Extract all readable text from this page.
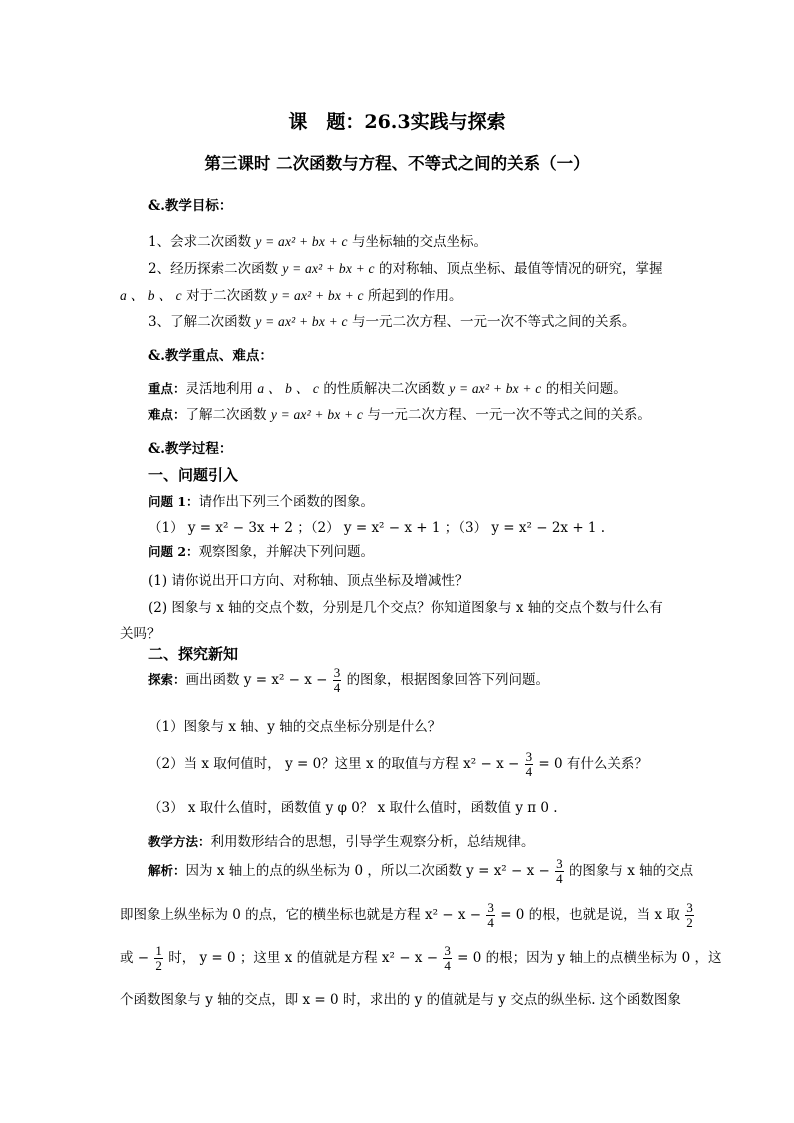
课　题：26.3实践与探索
第三课时 二次函数与方程、不等式之间的关系（一）
&.教学目标：
1、会求二次函数 y = ax² + bx + c 与坐标轴的交点坐标。
2、经历探索二次函数 y = ax² + bx + c 的对称轴、顶点坐标、最值等情况的研究，掌握
a 、 b 、 c 对于二次函数 y = ax² + bx + c 所起到的作用。
3、了解二次函数 y = ax² + bx + c 与一元二次方程、一元一次不等式之间的关系。
&.教学重点、难点：
重点：灵活地利用 a 、 b 、 c 的性质解决二次函数 y = ax² + bx + c 的相关问题。
难点：了解二次函数 y = ax² + bx + c 与一元二次方程、一元一次不等式之间的关系。
&.教学过程：
一、问题引入
问题 1：请作出下列三个函数的图象。
（1） y = x² − 3x + 2 ；（2） y = x² − x + 1 ；（3） y = x² − 2x + 1 .
问题 2：观察图象，并解决下列问题。
(1) 请你说出开口方向、对称轴、顶点坐标及增减性？
(2) 图象与 x 轴的交点个数，分别是几个交点？你知道图象与 x 轴的交点个数与什么有
关吗？
二、探究新知
探索：画出函数 $y = x^2 - x - \frac{3}{4}$ 的图象，根据图象回答下列问题。
（1）图象与 x 轴、y 轴的交点坐标分别是什么？
（2）当 x 取何值时， y = 0？这里 x 的取值与方程 $x^2 - x - \frac{3}{4} = 0$ 有什么关系？
（3） x 取什么值时，函数值 y φ 0？ x 取什么值时，函数值 y π 0 .
教学方法：利用数形结合的思想，引导学生观察分析，总结规律。
解析：因为 x 轴上的点的纵坐标为 0 ，所以二次函数 $y = x^2 - x - \frac{3}{4}$ 的图象与 x 轴的交点
即图象上纵坐标为 0 的点，它的横坐标也就是方程 $x^2 - x - \frac{3}{4} = 0$ 的根，也就是说，当 x 取 $\frac{3}{2}$
或 − $\frac{1}{2}$ 时， y = 0 ；这里 x 的值就是方程 $x^2 - x - \frac{3}{4} = 0$ 的根；因为 y 轴上的点横坐标为 0 ，这
个函数图象与 y 轴的交点，即 x = 0 时，求出的 y 的值就是与 y 交点的纵坐标. 这个函数图象
